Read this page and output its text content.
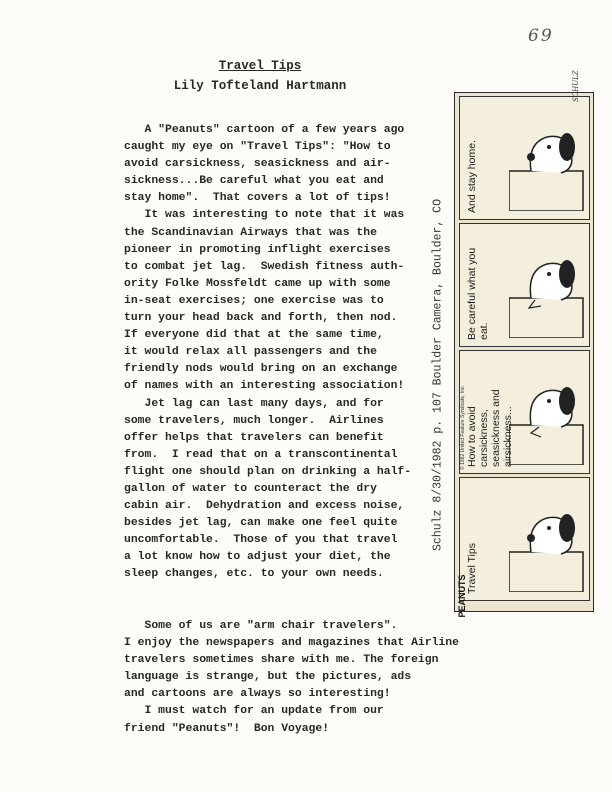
69
Travel Tips
Lily Tofteland Hartmann
A "Peanuts" cartoon of a few years ago
caught my eye on "Travel Tips": "How to
avoid carsickness, seasickness and air-
sickness...Be careful what you eat and
stay home".  That covers a lot of tips!
It was interesting to note that it was
the Scandinavian Airways that was the
pioneer in promoting inflight exercises
to combat jet lag.  Swedish fitness auth-
ority Folke Mossfeldt came up with some
in-seat exercises; one exercise was to
turn your head back and forth, then nod.
If everyone did that at the same time,
it would relax all passengers and the
friendly nods would bring on an exchange
of names with an interesting association!
Jet lag can last many days, and for
some travelers, much longer.  Airlines
offer helps that travelers can benefit
from.  I read that on a transcontinental
flight one should plan on drinking a half-
gallon of water to counteract the dry
cabin air.  Dehydration and excess noise,
besides jet lag, can make one feel quite
uncomfortable.  Those of you that travel
a lot know how to adjust your diet, the
sleep changes, etc. to your own needs.
Some of us are "arm chair travelers".
I enjoy the newspapers and magazines that Airline
travelers sometimes share with me. The foreign
language is strange, but the pictures, ads
and cartoons are always so interesting!
I must watch for an update from our
friend "Peanuts"!  Bon Voyage!
Schulz 8/30/1982 p. 107 Boulder Camera, Boulder, CO
And stay home.
Be careful what you eat.
How to avoid carsickness, seasickness and airsickness...
Travel Tips
SCHULZ
© 1982 United Feature Syndicate, Inc.
PEANUTS
